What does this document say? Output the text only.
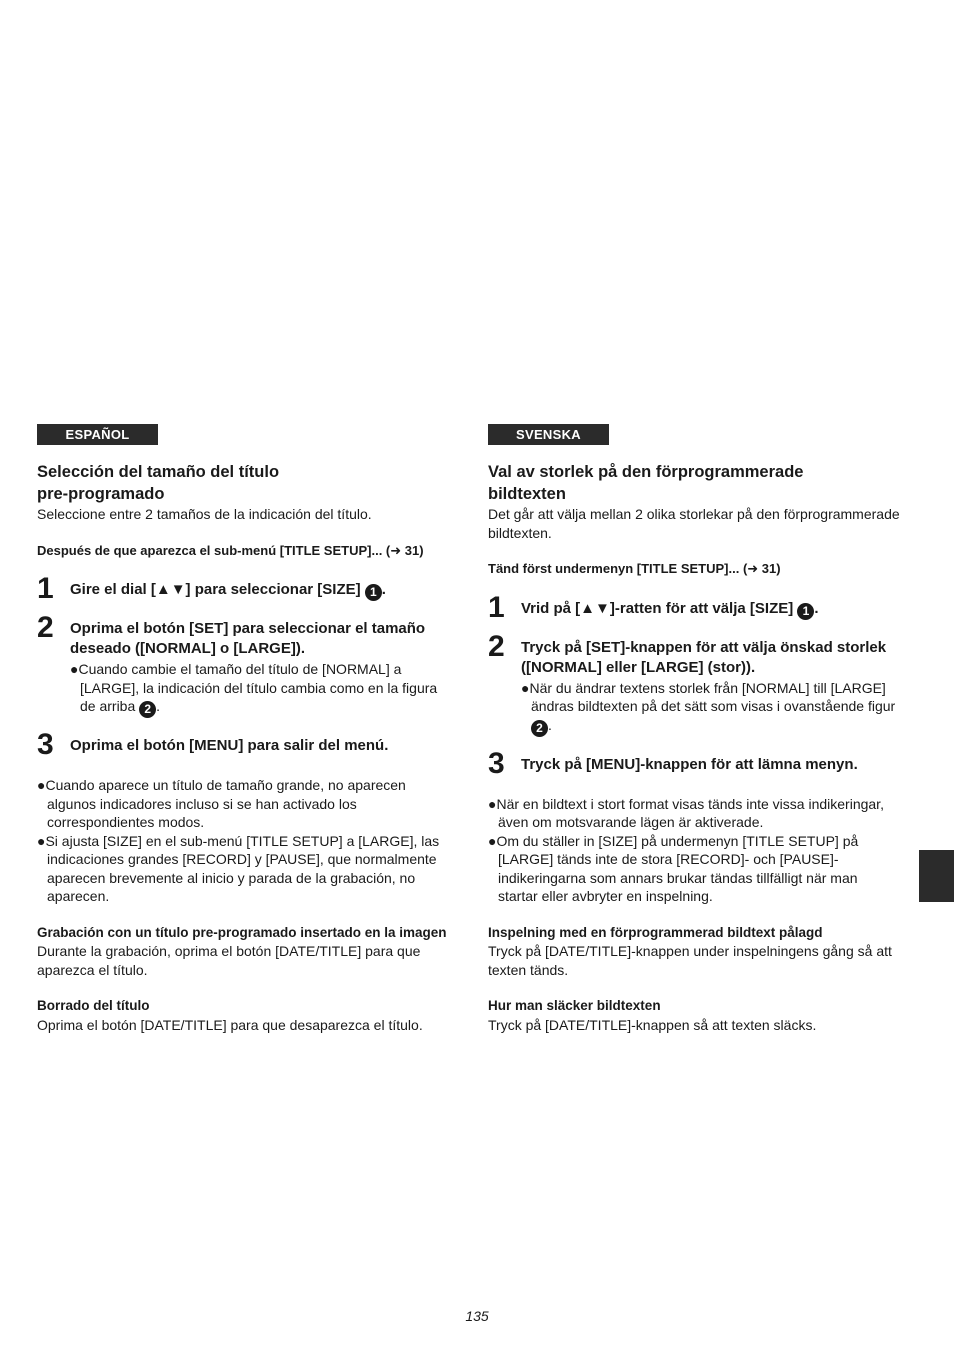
ESPAÑOL
Selección del tamaño del título
pre-programado

Seleccione entre 2 tamaños de la indicación del título.

Después de que aparezca el sub-menú [TITLE SETUP]... (➜ 31)
1 Gire el dial [▲▼] para seleccionar [SIZE] 1 .
2 Oprima el botón [SET] para seleccionar el tamaño deseado ([NORMAL] o [LARGE]).
●Cuando cambie el tamaño del título de [NORMAL] a [LARGE], la indicación del título cambia como en la figura de arriba 2 .
3 Oprima el botón [MENU] para salir del menú.
●Cuando aparece un título de tamaño grande, no aparecen algunos indicadores incluso si se han activado los correspondientes modos.
●Si ajusta [SIZE] en el sub-menú [TITLE SETUP] a [LARGE], las indicaciones grandes [RECORD] y [PAUSE], que normalmente aparecen brevemente al inicio y parada de la grabación, no aparecen.
Grabación con un título pre-programado insertado en la imagen

Durante la grabación, oprima el botón [DATE/TITLE] para que aparezca el título.

Borrado del título

Oprima el botón [DATE/TITLE] para que desaparezca el título.

SVENSKA
Val av storlek på den förprogrammerade
bildtexten

Det går att välja mellan 2 olika storlekar på den förprogrammerade bildtexten.

Tänd först undermenyn [TITLE SETUP]... (➜ 31)
1 Vrid på [▲▼]-ratten för att välja [SIZE] 1 .
2 Tryck på [SET]-knappen för att välja önskad storlek ([NORMAL] eller [LARGE] (stor)).
●När du ändrar textens storlek från [NORMAL] till [LARGE] ändras bildtexten på det sätt som visas i ovanstående figur 2 .
3 Tryck på [MENU]-knappen för att lämna menyn.
●När en bildtext i stort format visas tänds inte vissa indikeringar, även om motsvarande lägen är aktiverade.
●Om du ställer in [SIZE] på undermenyn [TITLE SETUP] på [LARGE] tänds inte de stora [RECORD]- och [PAUSE]-indikeringarna som annars brukar tändas tillfälligt när man startar eller avbryter en inspelning.
Inspelning med en förprogrammerad bildtext pålagd

Tryck på [DATE/TITLE]-knappen under inspelningens gång så att texten tänds.

Hur man släcker bildtexten

Tryck på [DATE/TITLE]-knappen så att texten släcks.

135
